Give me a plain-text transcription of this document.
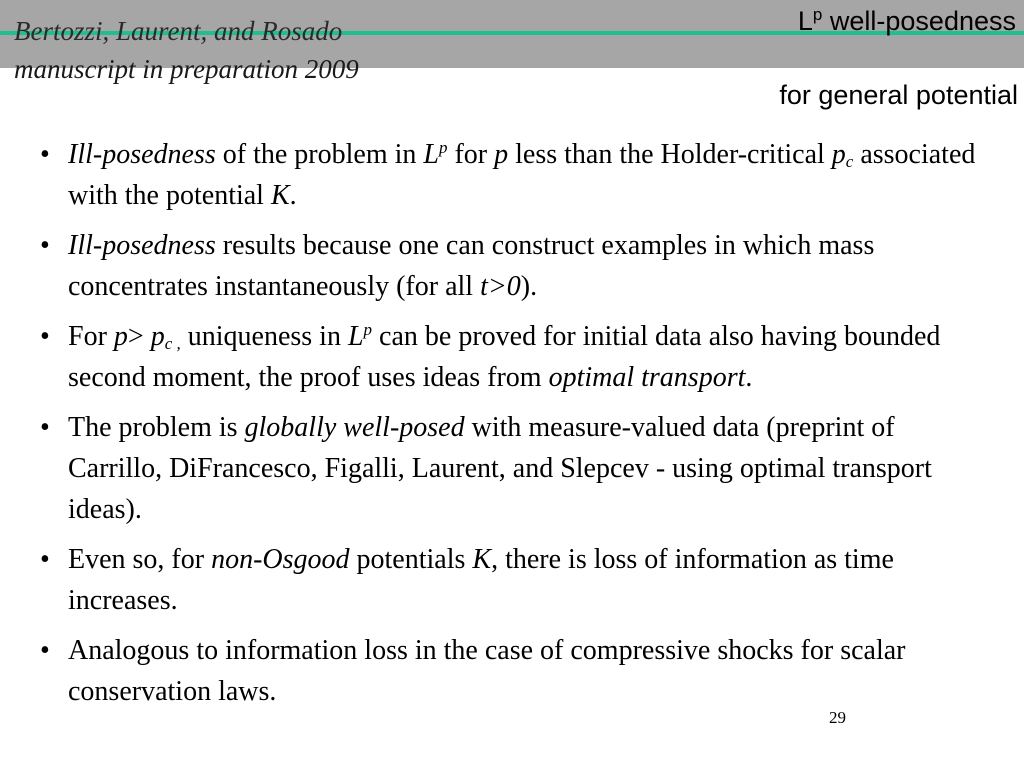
Bertozzi, Laurent, and Rosado
manuscript in preparation 2009
$L^p$ well-posedness
for general potential
• Ill-posedness of the problem in $L^p$ for p less than the Holder-critical $p_c$ associated with the potential K.
• Ill-posedness results because one can construct examples in which mass concentrates instantaneously (for all t>0).
• For $p> p_{c ,}$ uniqueness in $L^p$ can be proved for initial data also having bounded second moment, the proof uses ideas from optimal transport.
• The problem is globally well-posed with measure-valued data (preprint of Carrillo, DiFrancesco, Figalli, Laurent, and Slepcev - using optimal transport ideas).
• Even so, for non-Osgood potentials K, there is loss of information as time increases.
• Analogous to information loss in the case of compressive shocks for scalar conservation laws.
29
